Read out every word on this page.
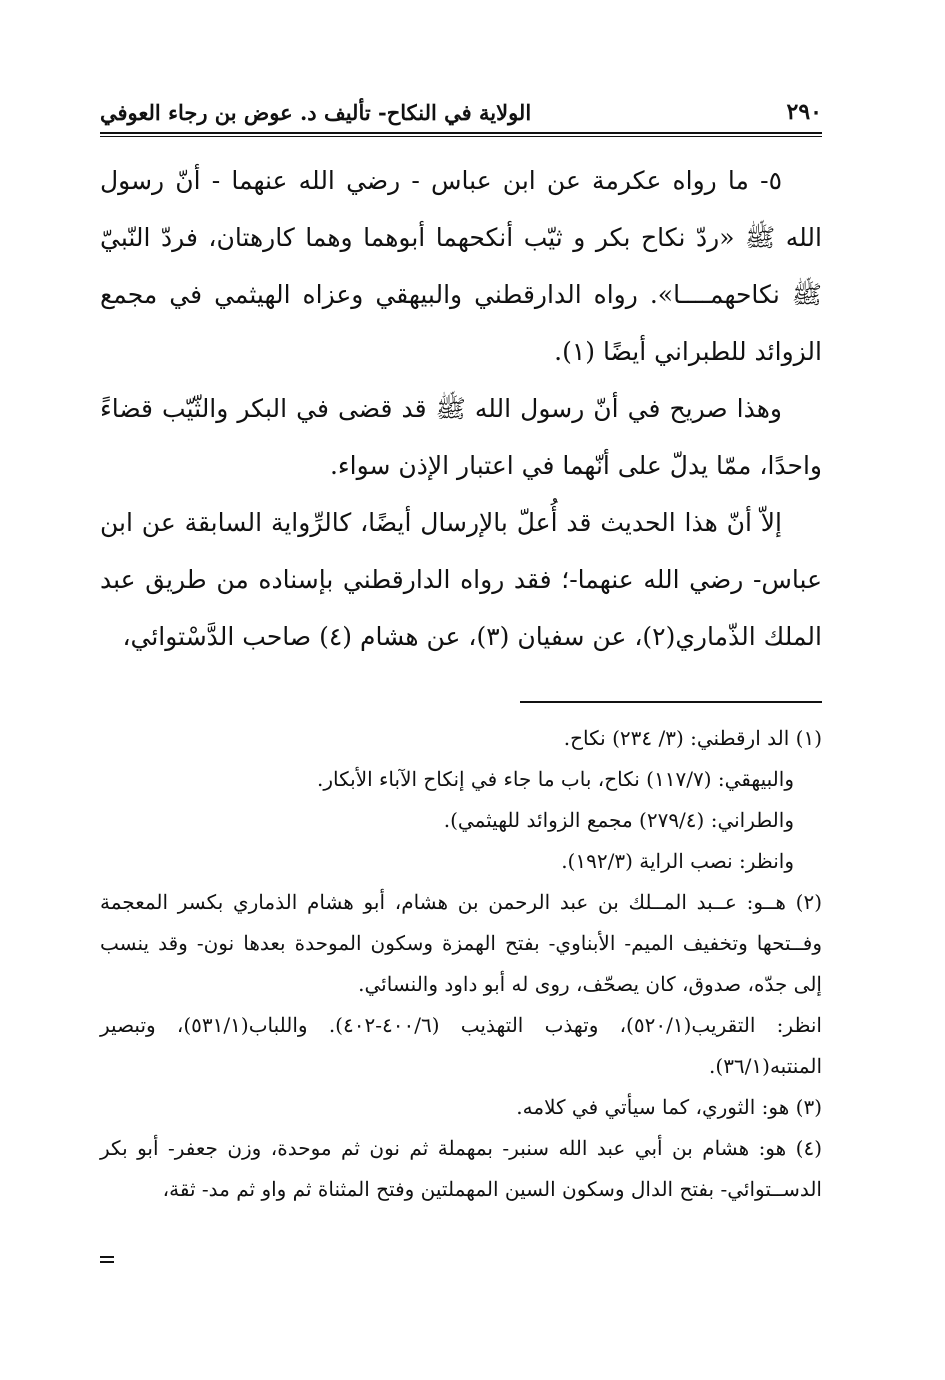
الولاية في النكاح- تأليف د. عوض بن رجاء العوفي	٢٩٠

٥- ما رواه عكرمة عن ابن عباس - رضي الله عنهما - أنّ رسول الله ﷺ «ردّ نكاح بكر و ثيّب أنكحهما أبوهما وهما كارهتان، فردّ النّبيّ ﷺ نكاحهمــــا». رواه الدارقطني والبيهقي وعزاه الهيثمي في مجمع الزوائد للطبراني أيضًا (١).

وهذا صريح في أنّ رسول الله ﷺ قد قضى في البكر والثّيّب قضاءً واحدًا، ممّا يدلّ على أنّهما في اعتبار الإذن سواء.

إلاّ أنّ هذا الحديث قد أُعلّ بالإرسال أيضًا، كالرِّواية السابقة عن ابن عباس- رضي الله عنهما-؛ فقد رواه الدارقطني بإسناده من طريق عبد الملك الذّماري(٢)، عن سفيان (٣)، عن هشام (٤) صاحب الدَّسْتوائي،

(١) الد ارقطني: (٣/ ٢٣٤) نكاح.
والبيهقي: (١١٧/٧) نكاح، باب ما جاء في إنكاح الآباء الأبكار.
والطراني: (٢٧٩/٤) مجمع الزوائد للهيثمي).
وانظر: نصب الراية (١٩٢/٣).
(٢) هــو: عــبد المــلك بن عبد الرحمن بن هشام، أبو هشام الذماري بكسر المعجمة وفــتحها وتخفيف الميم- الأبناوي- بفتح الهمزة وسكون الموحدة بعدها نون- وقد ينسب إلى جدّه، صدوق، كان يصحّف، روى له أبو داود والنسائي.
انظر: التقريب(٥٢٠/١)، وتهذب التهذيب (٤٠٠/٦-٤٠٢). واللباب(٥٣١/١)، وتبصير المنتبه(٣٦/١).
(٣) هو: الثوري، كما سيأتي في كلامه.
(٤) هو: هشام بن أبي عبد الله سنبر- بمهملة ثم نون ثم موحدة، وزن جعفر- أبو بكر الدســتوائي- بفتح الدال وسكون السين المهملتين وفتح المثناة ثم واو ثم مد- ثقة،
